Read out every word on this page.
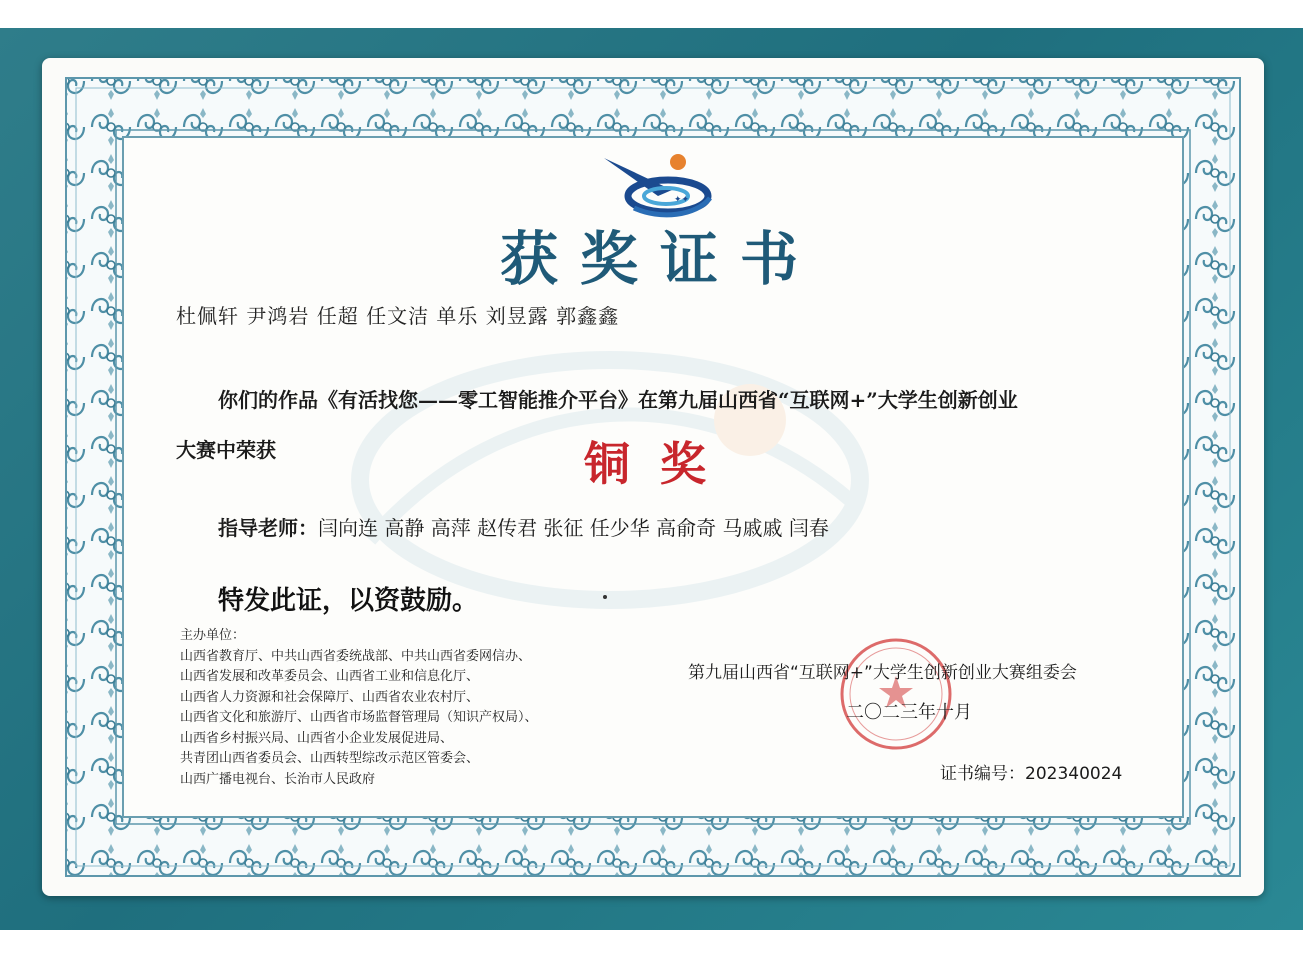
✦✦
获奖证书
杜佩轩 尹鸿岩 任超 任文洁 单乐 刘昱露 郭鑫鑫
你们的作品《有活找您——零工智能推介平台》在第九届山西省“互联网+”大学生创新创业
大赛中荣获	铜奖
指导老师：闫向连 高静 高萍 赵传君 张征 任少华 高俞奇 马戚戚 闫春
特发此证，以资鼓励。
主办单位：
山西省教育厅、中共山西省委统战部、中共山西省委网信办、
山西省发展和改革委员会、山西省工业和信息化厅、
山西省人力资源和社会保障厅、山西省农业农村厅、
山西省文化和旅游厅、山西省市场监督管理局（知识产权局）、
山西省乡村振兴局、山西省小企业发展促进局、
共青团山西省委员会、山西转型综改示范区管委会、
山西广播电视台、长治市人民政府
第九届山西省“互联网+”大学生创新创业大赛组委会
二〇二三年十月
证书编号：202340024
